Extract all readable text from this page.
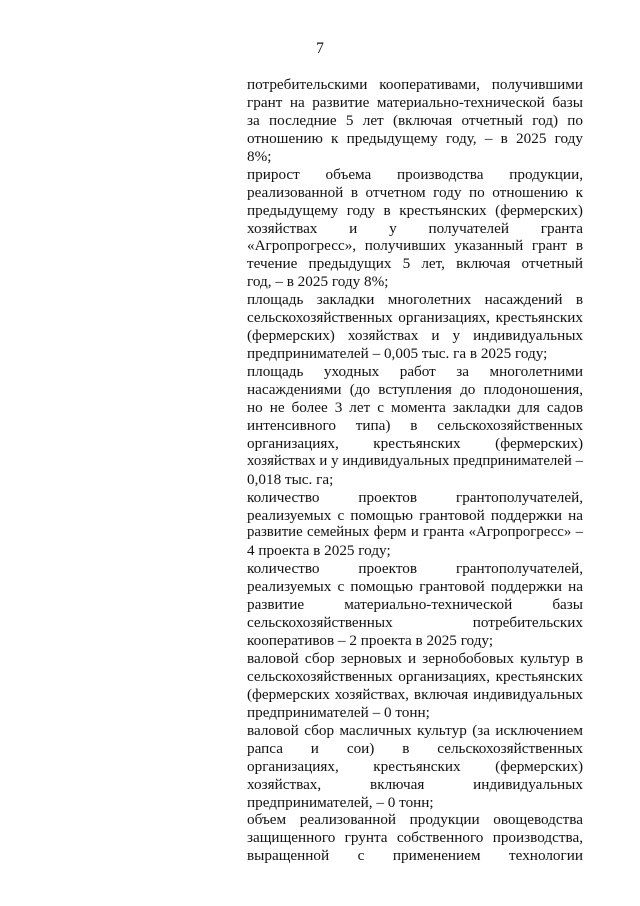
7
потребительскими кооперативами, получившими
грант на развитие материально-технической базы
за последние 5 лет (включая отчетный год) по
отношению к предыдущему году, – в 2025 году
8%;
прирост объема производства продукции,
реализованной в отчетном году по отношению к
предыдущему году в крестьянских (фермерских)
хозяйствах и у получателей гранта
«Агропрогресс», получивших указанный грант в
течение предыдущих 5 лет, включая отчетный
год, – в 2025 году 8%;
площадь закладки многолетних насаждений в
сельскохозяйственных организациях, крестьянских
(фермерских) хозяйствах и у индивидуальных
предпринимателей – 0,005 тыс. га в 2025 году;
площадь уходных работ за многолетними
насаждениями (до вступления до плодоношения,
но не более 3 лет с момента закладки для садов
интенсивного типа) в сельскохозяйственных
организациях, крестьянских (фермерских)
хозяйствах и у индивидуальных предпринимателей –
0,018 тыс. га;
количество проектов грантополучателей,
реализуемых с помощью грантовой поддержки на
развитие семейных ферм и гранта «Агропрогресс» –
4 проекта в 2025 году;
количество проектов грантополучателей,
реализуемых с помощью грантовой поддержки на
развитие материально-технической базы
сельскохозяйственных потребительских
кооперативов – 2 проекта в 2025 году;
валовой сбор зерновых и зернобобовых культур в
сельскохозяйственных организациях, крестьянских
(фермерских хозяйствах, включая индивидуальных
предпринимателей – 0 тонн;
валовой сбор масличных культур (за исключением
рапса и сои) в сельскохозяйственных
организациях, крестьянских (фермерских)
хозяйствах, включая индивидуальных
предпринимателей, – 0 тонн;
объем реализованной продукции овощеводства
защищенного грунта собственного производства,
выращенной с применением технологии
